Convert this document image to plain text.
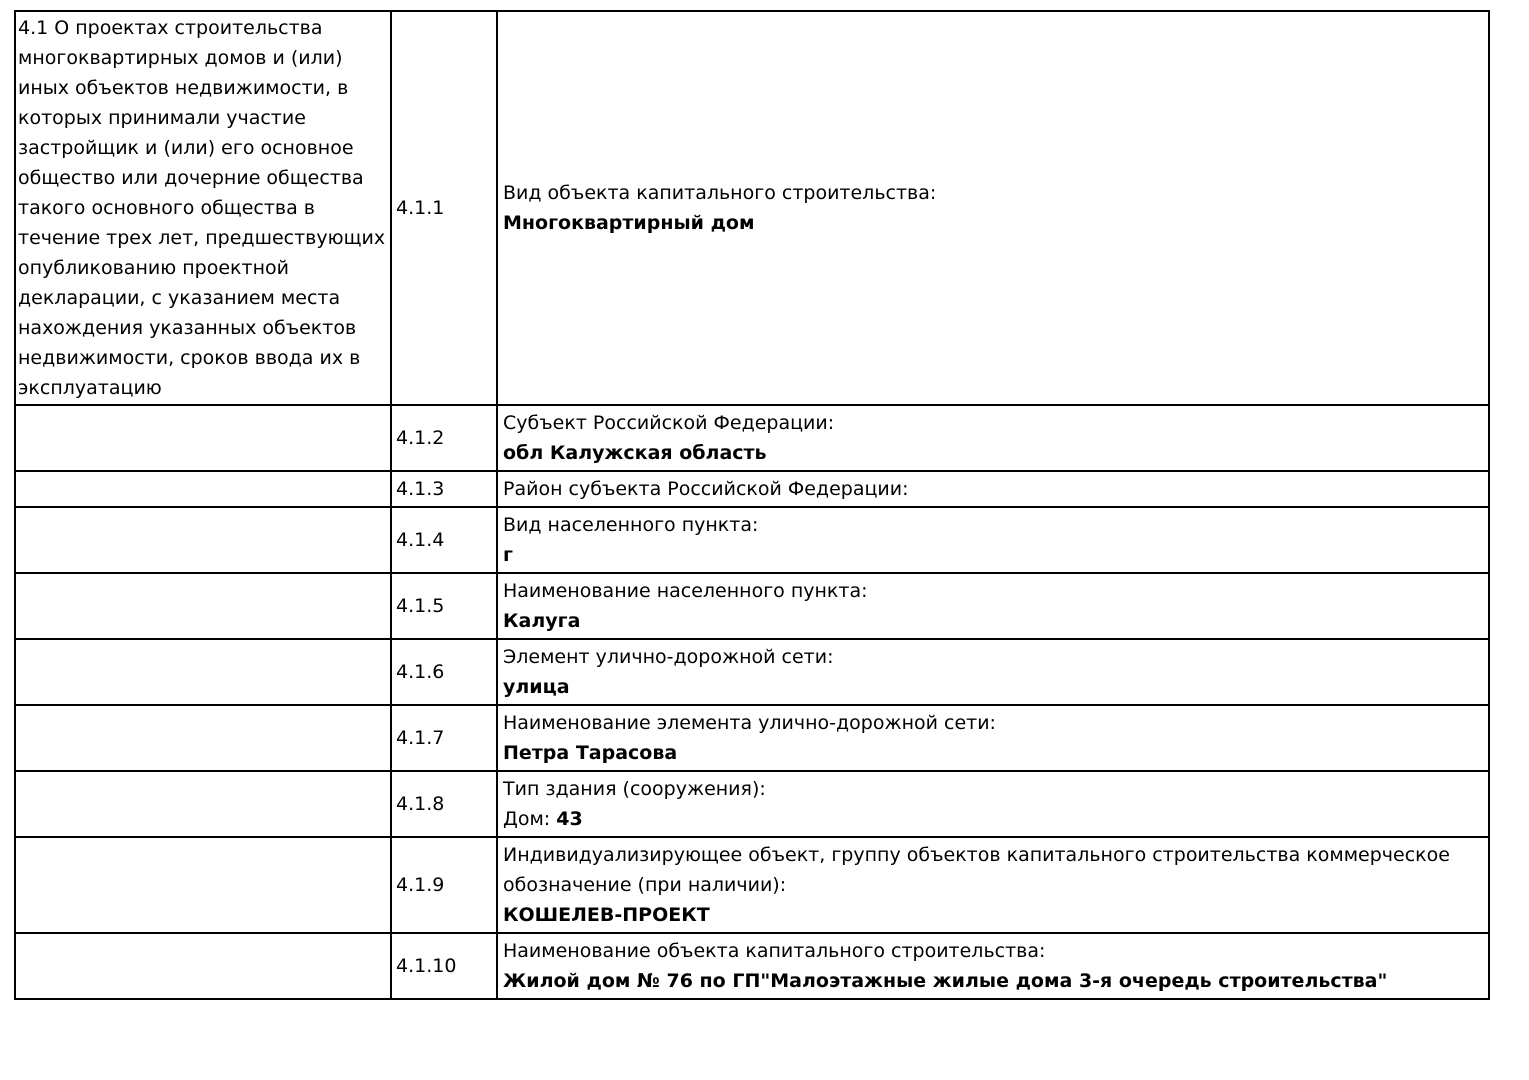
4.1 О проектах строительства многоквартирных домов и (или) иных объектов недвижимости, в которых принимали участие застройщик и (или) его основное общество или дочерние общества такого основного общества в течение трех лет, предшествующих опубликованию проектной декларации, с указанием места нахождения указанных объектов недвижимости, сроков ввода их в эксплуатацию	4.1.1	Вид объекта капитального строительства:
Многоквартирный дом

	4.1.2	Субъект Российской Федерации:
обл Калужская область

	4.1.3	Район субъекта Российской Федерации:

	4.1.4	Вид населенного пункта:
г

	4.1.5	Наименование населенного пункта:
Калуга

	4.1.6	Элемент улично-дорожной сети:
улица

	4.1.7	Наименование элемента улично-дорожной сети:
Петра Тарасова

	4.1.8	Тип здания (сооружения):
Дом: 43

	4.1.9	Индивидуализирующее объект, группу объектов капитального строительства коммерческое обозначение (при наличии):
КОШЕЛЕВ-ПРОЕКТ

	4.1.10	Наименование объекта капитального строительства:
Жилой дом № 76 по ГП"Малоэтажные жилые дома 3-я очередь строительства"
